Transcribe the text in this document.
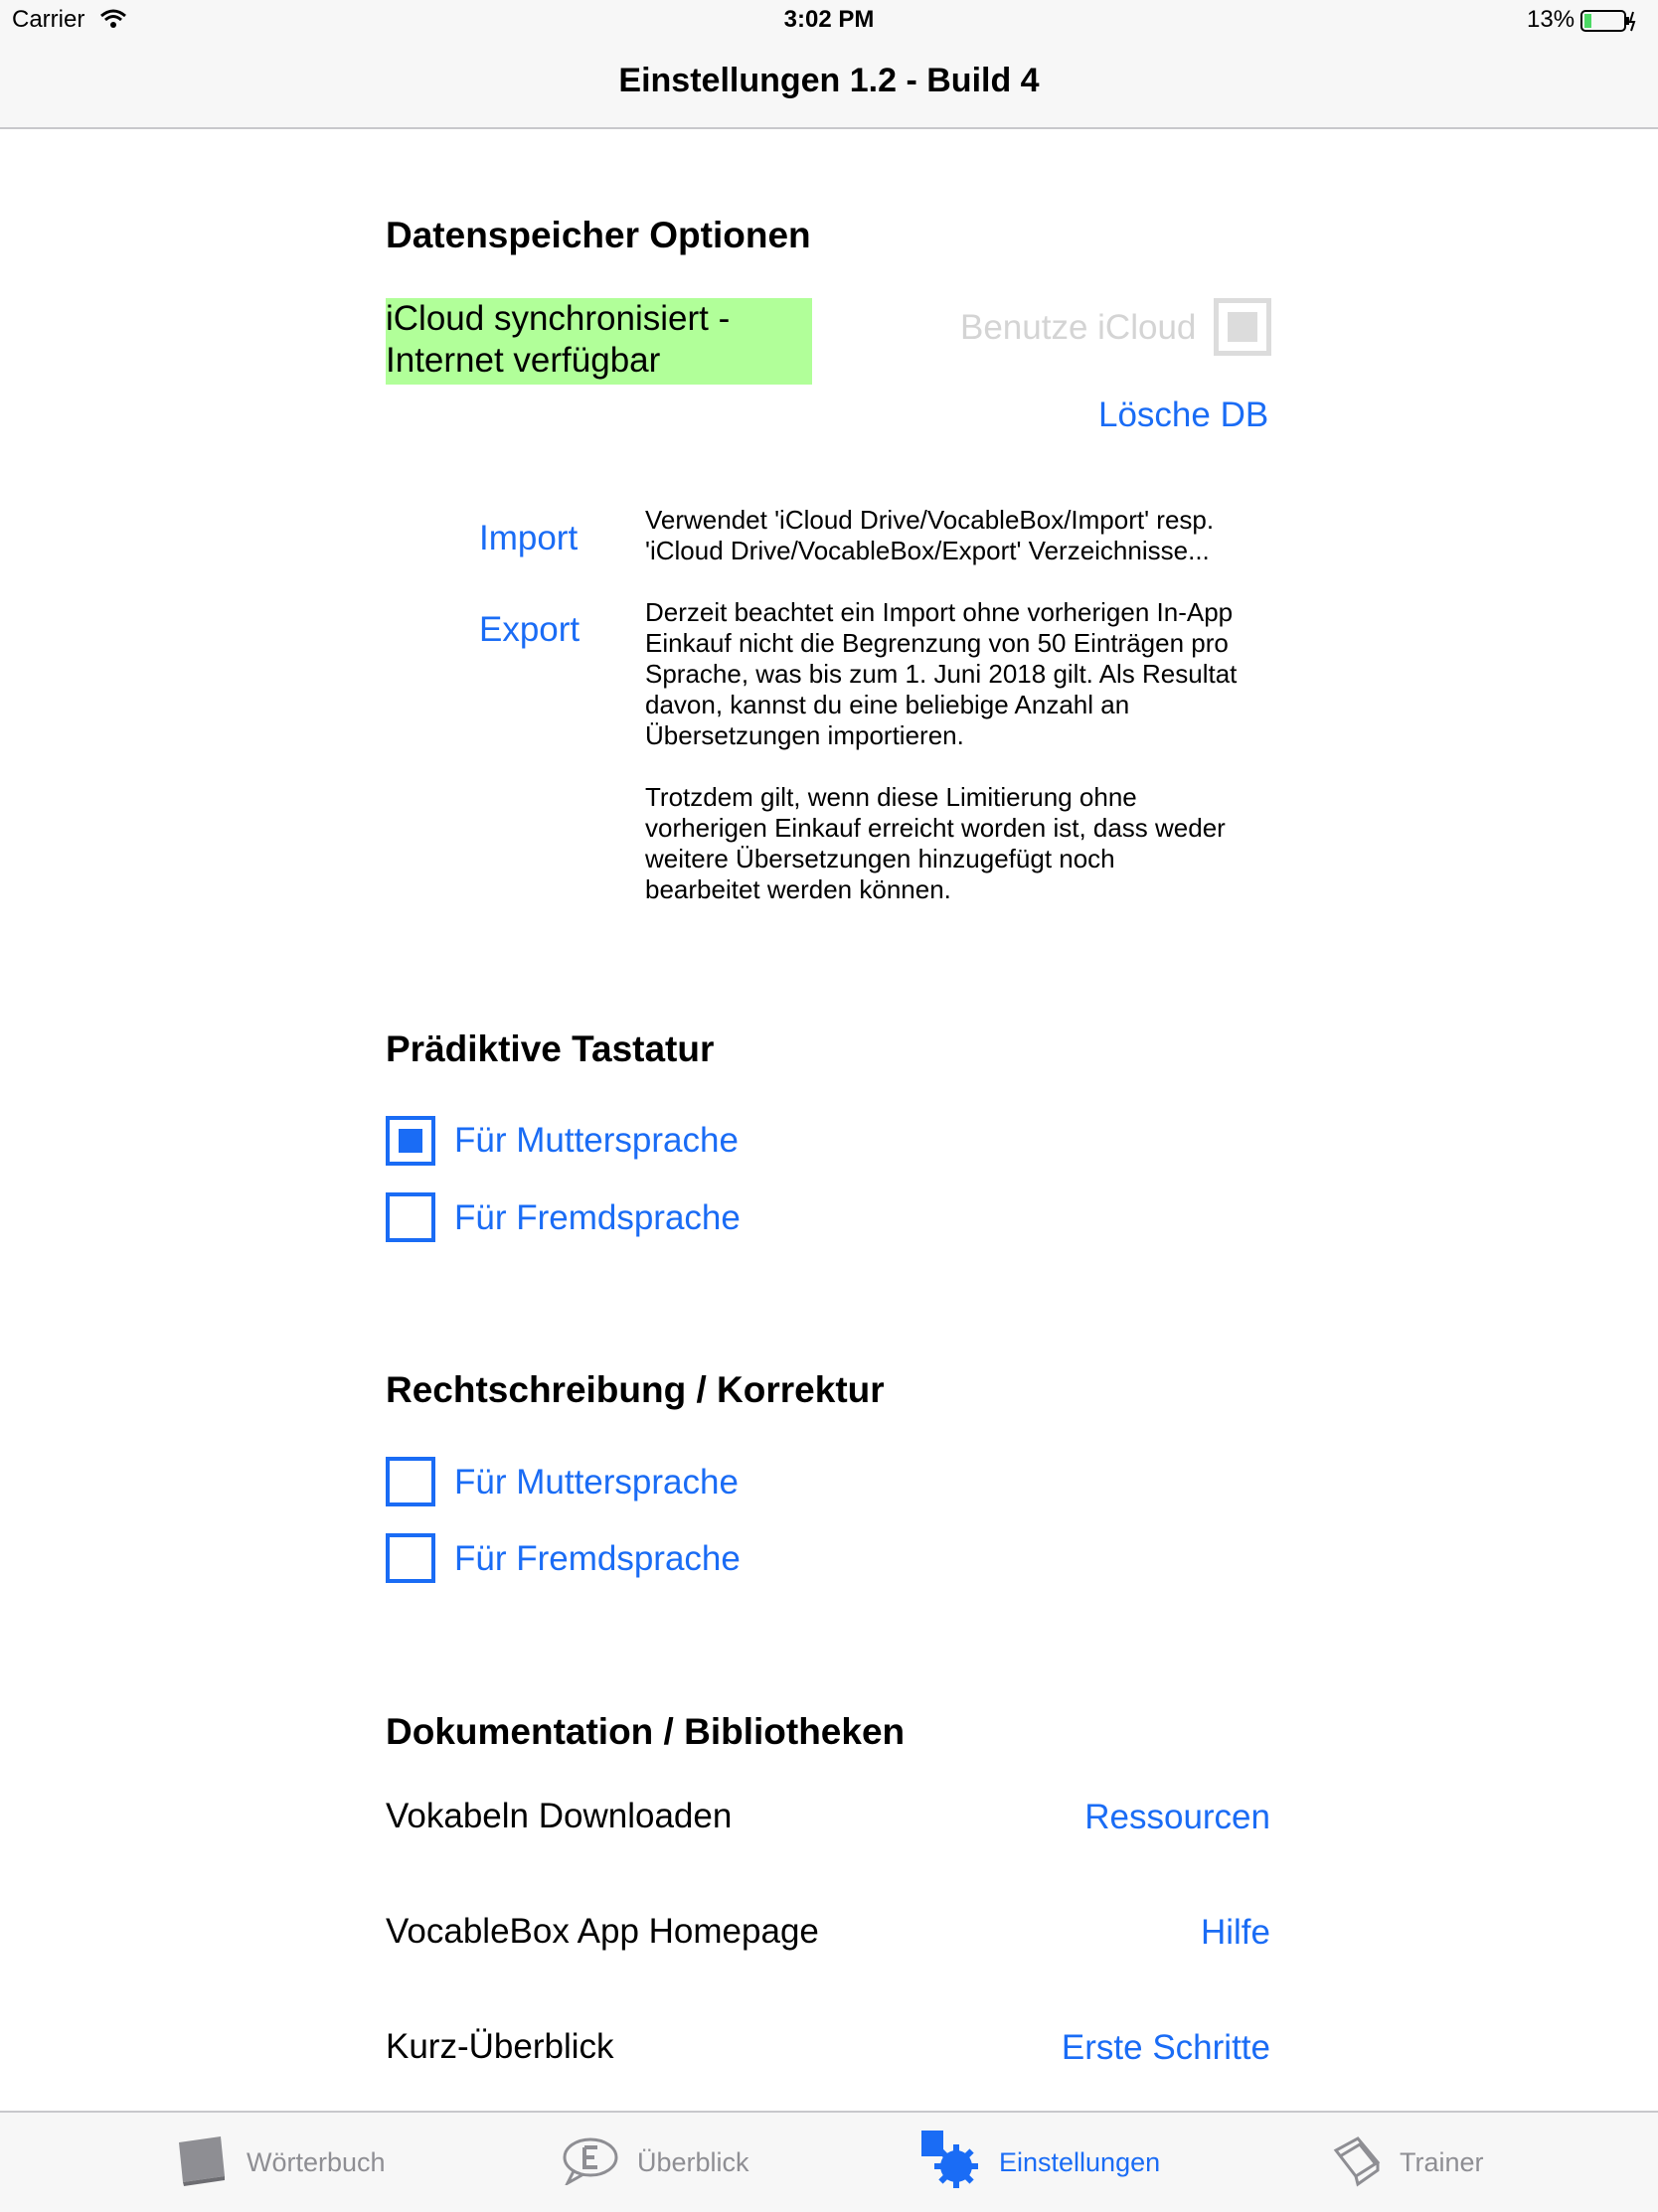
Carrier	3:02 PM	13%
Einstellungen 1.2 - Build 4
Datenspeicher Optionen
iCloud synchronisiert -
Internet verfügbar
Benutze iCloud
Lösche DB
Import
Export
Verwendet 'iCloud Drive/VocableBox/Import' resp.
'iCloud Drive/VocableBox/Export' Verzeichnisse...
Derzeit beachtet ein Import ohne vorherigen In-App
Einkauf nicht die Begrenzung von 50 Einträgen pro
Sprache, was bis zum 1. Juni 2018 gilt. Als Resultat
davon, kannst du eine beliebige Anzahl an
Übersetzungen importieren.
Trotzdem gilt, wenn diese Limitierung ohne
vorherigen Einkauf erreicht worden ist, dass weder
weitere Übersetzungen hinzugefügt noch
bearbeitet werden können.
Prädiktive Tastatur
Für Muttersprache
Für Fremdsprache
Rechtschreibung / Korrektur
Für Muttersprache
Für Fremdsprache
Dokumentation / Bibliotheken
Vokabeln Downloaden	Ressourcen
VocableBox App Homepage	Hilfe
Kurz-Überblick	Erste Schritte
Wörterbuch	Überblick	Einstellungen	Trainer
